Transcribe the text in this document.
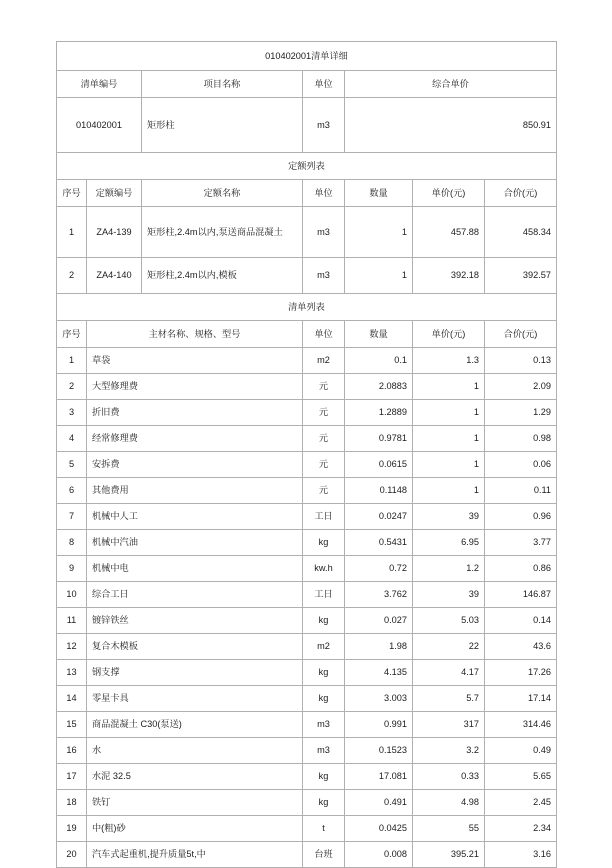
010402001清单详细						
清单编号		项目名称	单位	综合单价		
010402001		矩形柱	m3	850.91		
定额列表						
序号	定额编号	定额名称	单位	数量	单价(元)	合价(元)
1	ZA4-139	矩形柱,2.4m以内,泵送商品混凝土	m3	1	457.88	458.34
2	ZA4-140	矩形柱,2.4m以内,模板	m3	1	392.18	392.57
清单列表						
序号	主材名称、规格、型号		单位	数量	单价(元)	合价(元)
1	草袋		m2	0.1	1.3	0.13
2	大型修理费		元	2.0883	1	2.09
3	折旧费		元	1.2889	1	1.29
4	经常修理费		元	0.9781	1	0.98
5	安拆费		元	0.0615	1	0.06
6	其他费用		元	0.1148	1	0.11
7	机械中人工		工日	0.0247	39	0.96
8	机械中汽油		kg	0.5431	6.95	3.77
9	机械中电		kw.h	0.72	1.2	0.86
10	综合工日		工日	3.762	39	146.87
11	镀锌铁丝		kg	0.027	5.03	0.14
12	复合木模板		m2	1.98	22	43.6
13	钢支撑		kg	4.135	4.17	17.26
14	零星卡具		kg	3.003	5.7	17.14
15	商品混凝土 C30(泵送)		m3	0.991	317	314.46
16	水		m3	0.1523	3.2	0.49
17	水泥 32.5		kg	17.081	0.33	5.65
18	铁钉		kg	0.491	4.98	2.45
19	中(粗)砂		t	0.0425	55	2.34
20	汽车式起重机,提升质量5t,中		台班	0.008	395.21	3.16
